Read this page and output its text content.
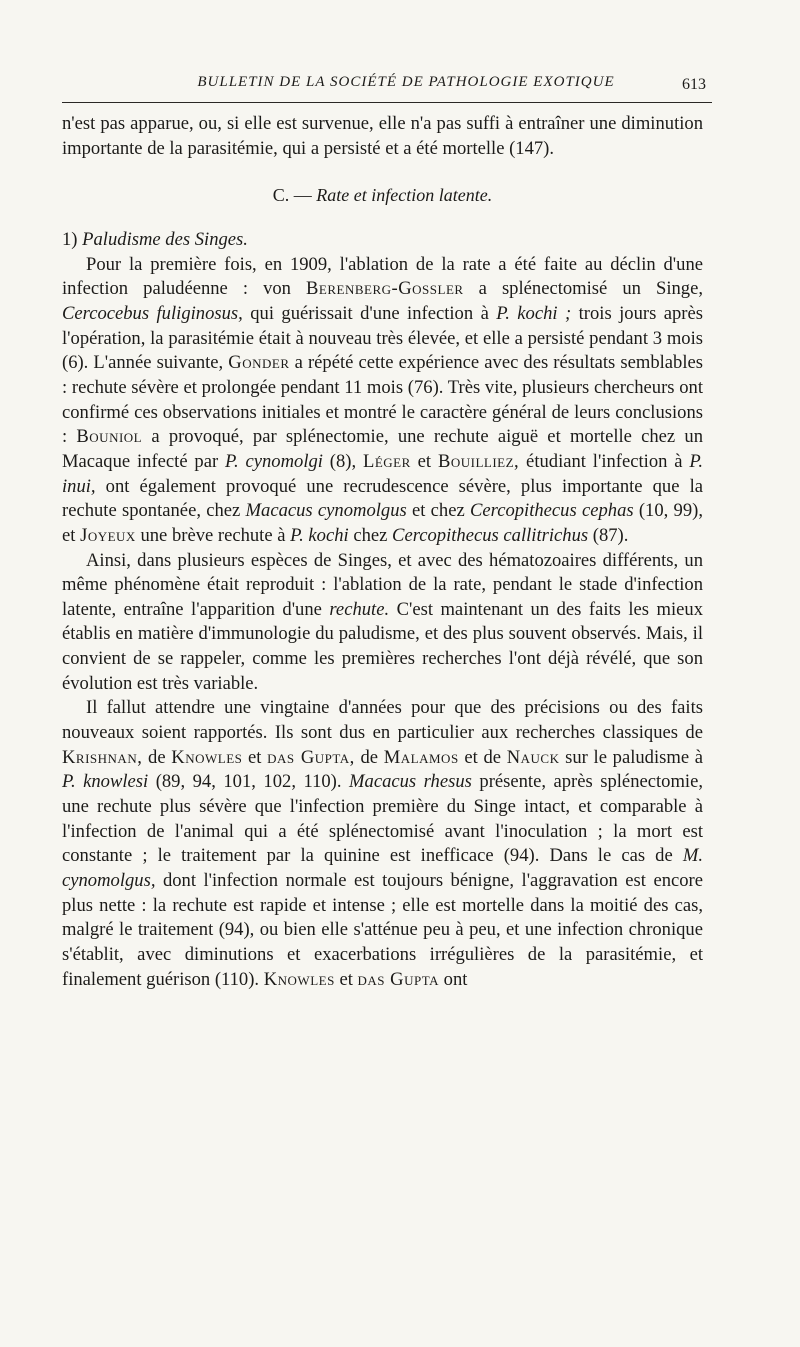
BULLETIN DE LA SOCIÉTÉ DE PATHOLOGIE EXOTIQUE	613

n'est pas apparue, ou, si elle est survenue, elle n'a pas suffi à entraîner une diminution importante de la parasitémie, qui a persisté et a été mortelle (147).

C. — Rate et infection latente.

1) Paludisme des Singes.

Pour la première fois, en 1909, l'ablation de la rate a été faite au déclin d'une infection paludéenne : von Berenberg-Gossler a splénectomisé un Singe, Cercocebus fuliginosus, qui guérissait d'une infection à P. kochi ; trois jours après l'opération, la parasitémie était à nouveau très élevée, et elle a persisté pendant 3 mois (6). L'année suivante, Gonder a répété cette expérience avec des résultats semblables : rechute sévère et prolongée pendant 11 mois (76). Très vite, plusieurs chercheurs ont confirmé ces observations initiales et montré le caractère général de leurs conclusions : Bouniol a provoqué, par splénectomie, une rechute aiguë et mortelle chez un Macaque infecté par P. cynomolgi (8), Léger et Bouilliez, étudiant l'infection à P. inui, ont également provoqué une recrudescence sévère, plus importante que la rechute spontanée, chez Macacus cynomolgus et chez Cercopithecus cephas (10, 99), et Joyeux une brève rechute à P. kochi chez Cercopithecus callitrichus (87).

Ainsi, dans plusieurs espèces de Singes, et avec des hématozoaires différents, un même phénomène était reproduit : l'ablation de la rate, pendant le stade d'infection latente, entraîne l'apparition d'une rechute. C'est maintenant un des faits les mieux établis en matière d'immunologie du paludisme, et des plus souvent observés. Mais, il convient de se rappeler, comme les premières recherches l'ont déjà révélé, que son évolution est très variable.

Il fallut attendre une vingtaine d'années pour que des précisions ou des faits nouveaux soient rapportés. Ils sont dus en particulier aux recherches classiques de Krishnan, de Knowles et das Gupta, de Malamos et de Nauck sur le paludisme à P. knowlesi (89, 94, 101, 102, 110). Macacus rhesus présente, après splénectomie, une rechute plus sévère que l'infection première du Singe intact, et comparable à l'infection de l'animal qui a été splénectomisé avant l'inoculation ; la mort est constante ; le traitement par la quinine est inefficace (94). Dans le cas de M. cynomolgus, dont l'infection normale est toujours bénigne, l'aggravation est encore plus nette : la rechute est rapide et intense ; elle est mortelle dans la moitié des cas, malgré le traitement (94), ou bien elle s'atténue peu à peu, et une infection chronique s'établit, avec diminutions et exacerbations irrégulières de la parasitémie, et finalement guérison (110). Knowles et das Gupta ont
